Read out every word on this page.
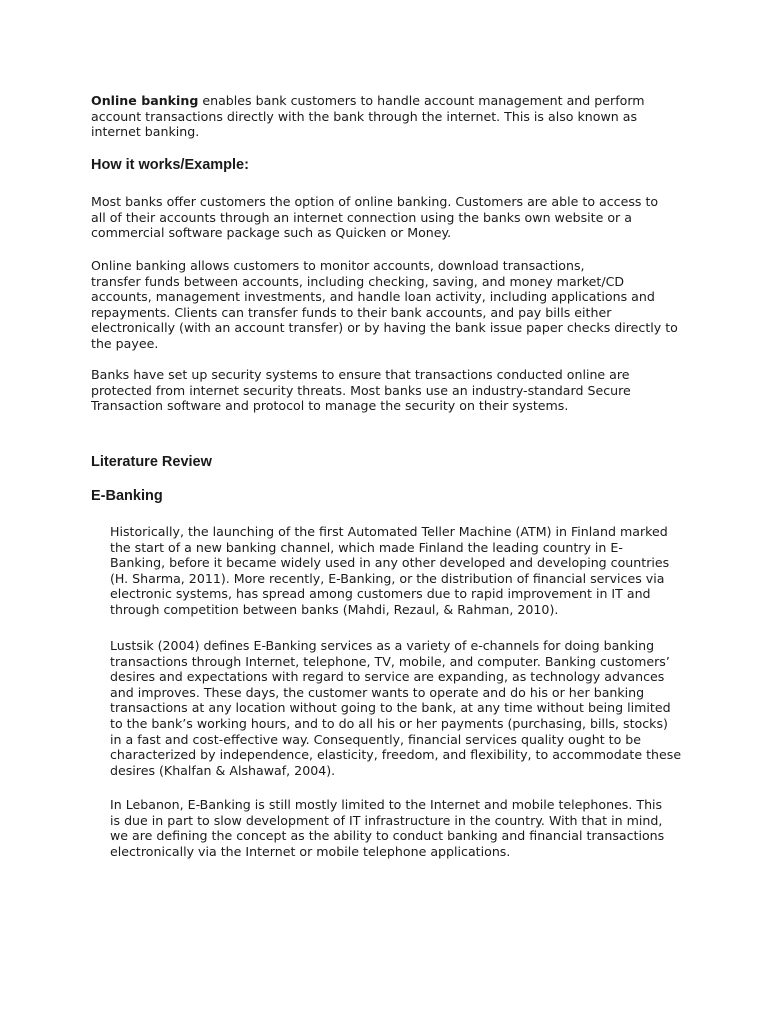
Online banking enables bank customers to handle account management and perform
account transactions directly with the bank through the internet. This is also known as
internet banking.

How it works/Example:

Most banks offer customers the option of online banking. Customers are able to access to
all of their accounts through an internet connection using the banks own website or a
commercial software package such as Quicken or Money.

Online banking allows customers to monitor accounts, download transactions,
transfer funds between accounts, including checking, saving, and money market/CD
accounts, management investments, and handle loan activity, including applications and
repayments. Clients can transfer funds to their bank accounts, and pay bills either
electronically (with an account transfer) or by having the bank issue paper checks directly to
the payee.

Banks have set up security systems to ensure that transactions conducted online are
protected from internet security threats. Most banks use an industry-standard Secure
Transaction software and protocol to manage the security on their systems.

Literature Review
E-Banking

Historically, the launching of the first Automated Teller Machine (ATM) in Finland marked
the start of a new banking channel, which made Finland the leading country in E-
Banking, before it became widely used in any other developed and developing countries
(H. Sharma, 2011). More recently, E-Banking, or the distribution of financial services via
electronic systems, has spread among customers due to rapid improvement in IT and
through competition between banks (Mahdi, Rezaul, & Rahman, 2010).

Lustsik (2004) defines E-Banking services as a variety of e-channels for doing banking
transactions through Internet, telephone, TV, mobile, and computer. Banking customers’
desires and expectations with regard to service are expanding, as technology advances
and improves. These days, the customer wants to operate and do his or her banking
transactions at any location without going to the bank, at any time without being limited
to the bank’s working hours, and to do all his or her payments (purchasing, bills, stocks)
in a fast and cost-effective way. Consequently, financial services quality ought to be
characterized by independence, elasticity, freedom, and flexibility, to accommodate these
desires (Khalfan & Alshawaf, 2004).

In Lebanon, E-Banking is still mostly limited to the Internet and mobile telephones. This
is due in part to slow development of IT infrastructure in the country. With that in mind,
we are defining the concept as the ability to conduct banking and financial transactions
electronically via the Internet or mobile telephone applications.
